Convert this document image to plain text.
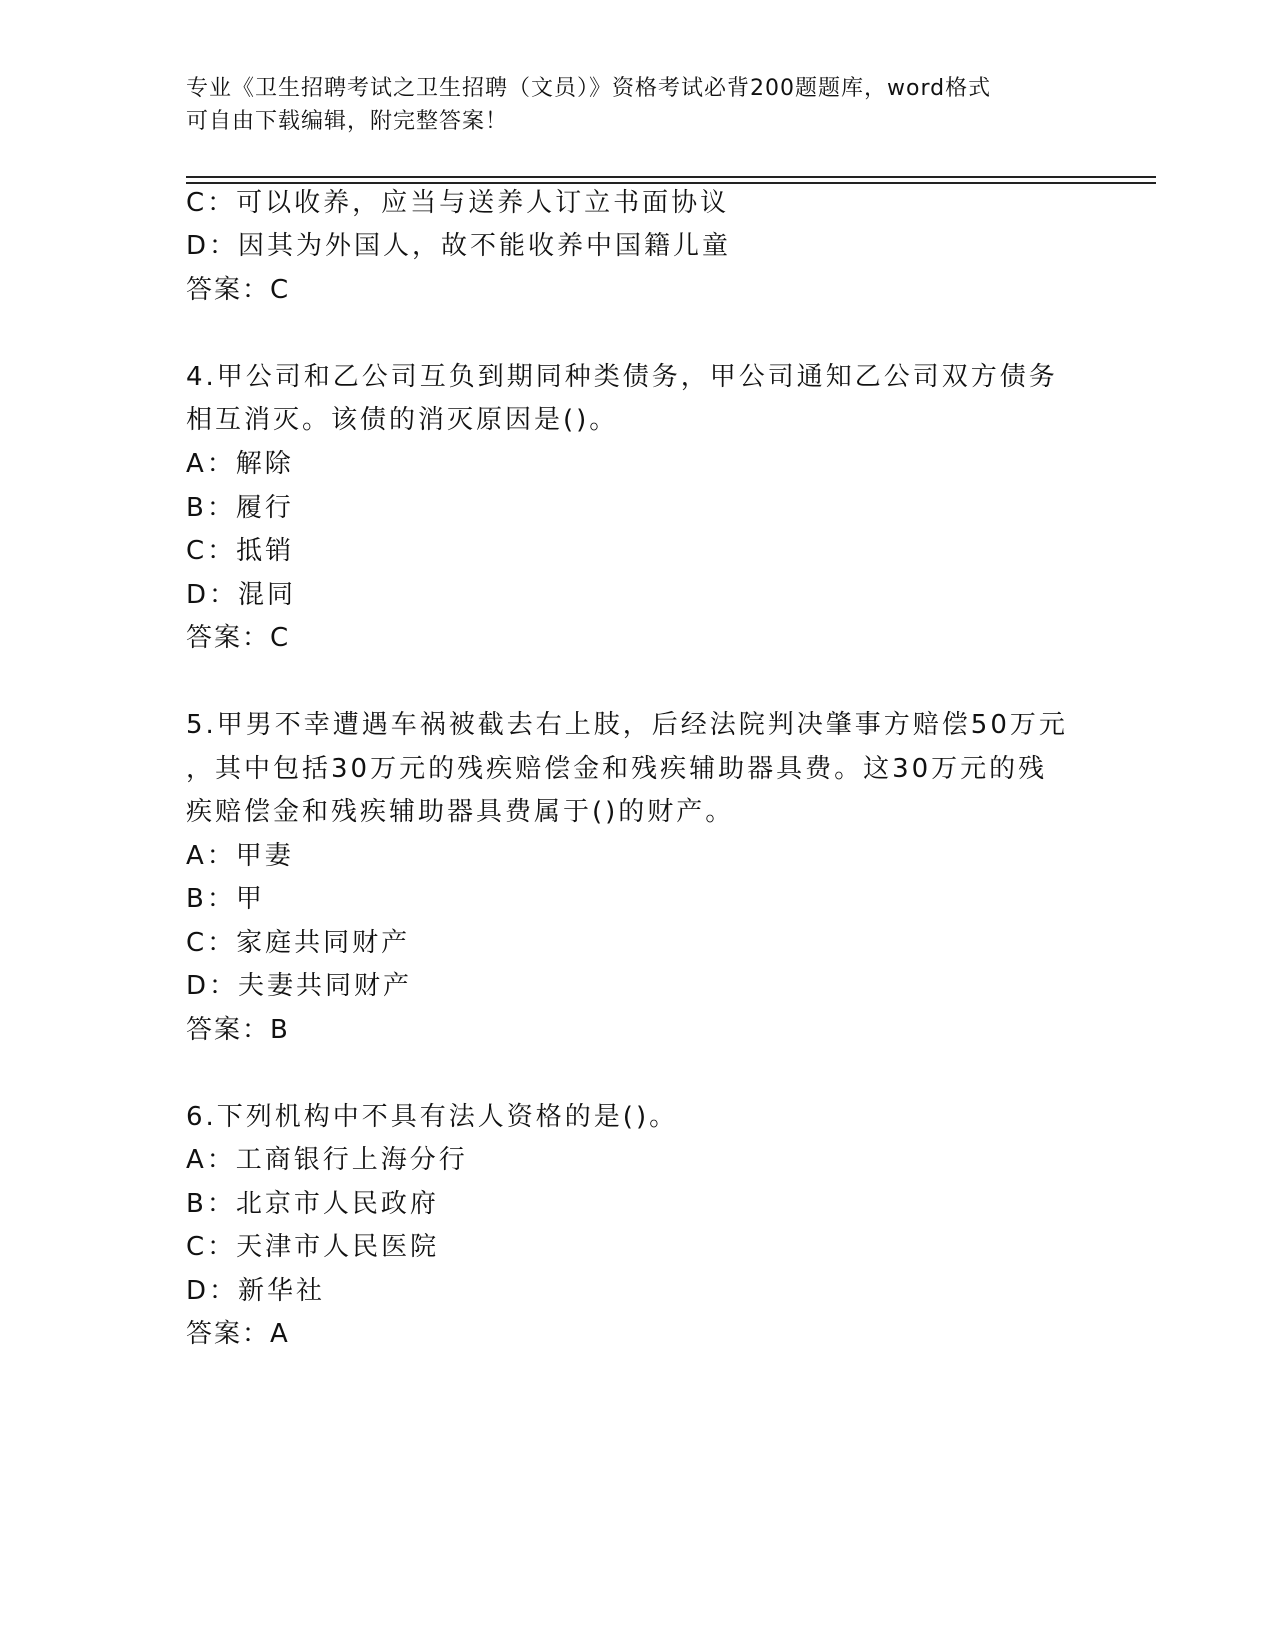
专业《卫生招聘考试之卫生招聘（文员）》资格考试必背200题题库，word格式
可自由下载编辑，附完整答案！
C：可以收养，应当与送养人订立书面协议
D：因其为外国人，故不能收养中国籍儿童
答案：C
4.甲公司和乙公司互负到期同种类债务，甲公司通知乙公司双方债务
相互消灭。该债的消灭原因是()。
A：解除
B：履行
C：抵销
D：混同
答案：C
5.甲男不幸遭遇车祸被截去右上肢，后经法院判决肇事方赔偿50万元
，其中包括30万元的残疾赔偿金和残疾辅助器具费。这30万元的残
疾赔偿金和残疾辅助器具费属于()的财产。
A：甲妻
B：甲
C：家庭共同财产
D：夫妻共同财产
答案：B
6.下列机构中不具有法人资格的是()。
A：工商银行上海分行
B：北京市人民政府
C：天津市人民医院
D：新华社
答案：A
